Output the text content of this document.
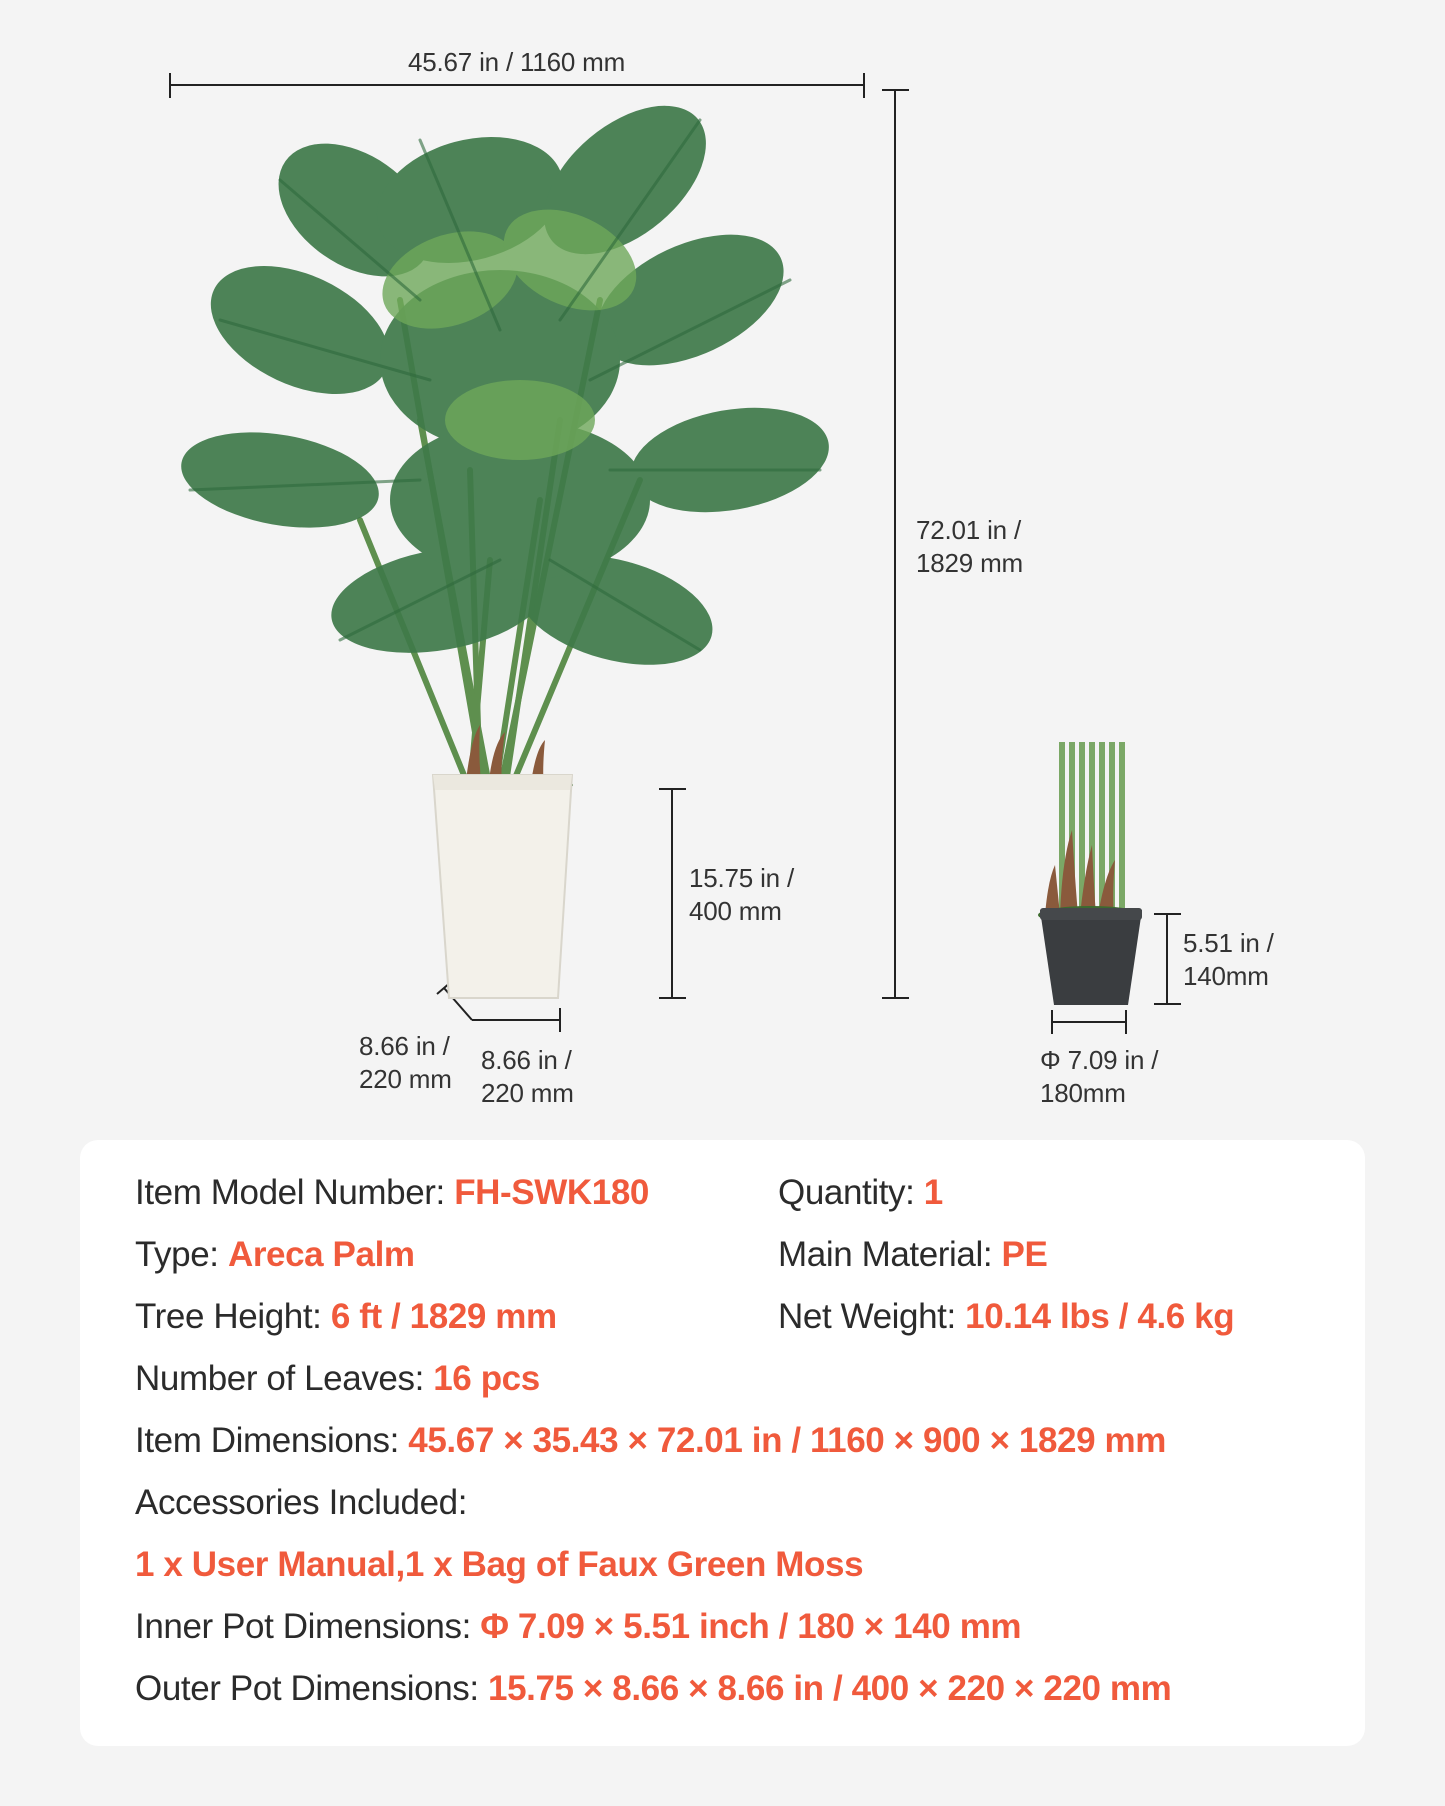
45.67 in / 1160 mm
72.01 in /
1829 mm
15.75 in /
400 mm
8.66 in /
220 mm
8.66 in /
220 mm
5.51 in /
140mm
Φ 7.09 in /
180mm
Item Model Number: FH-SWK180	Quantity: 1
Type: Areca Palm	Main Material: PE
Tree Height: 6 ft / 1829 mm	Net Weight: 10.14 lbs / 4.6 kg
Number of Leaves: 16 pcs
Item Dimensions: 45.67 × 35.43 × 72.01 in / 1160 × 900 × 1829 mm
Accessories Included:
1 x User Manual,1 x Bag of Faux Green Moss
Inner Pot Dimensions: Φ 7.09 × 5.51 inch / 180 × 140 mm
Outer Pot Dimensions: 15.75 × 8.66 × 8.66 in / 400 × 220 × 220 mm
